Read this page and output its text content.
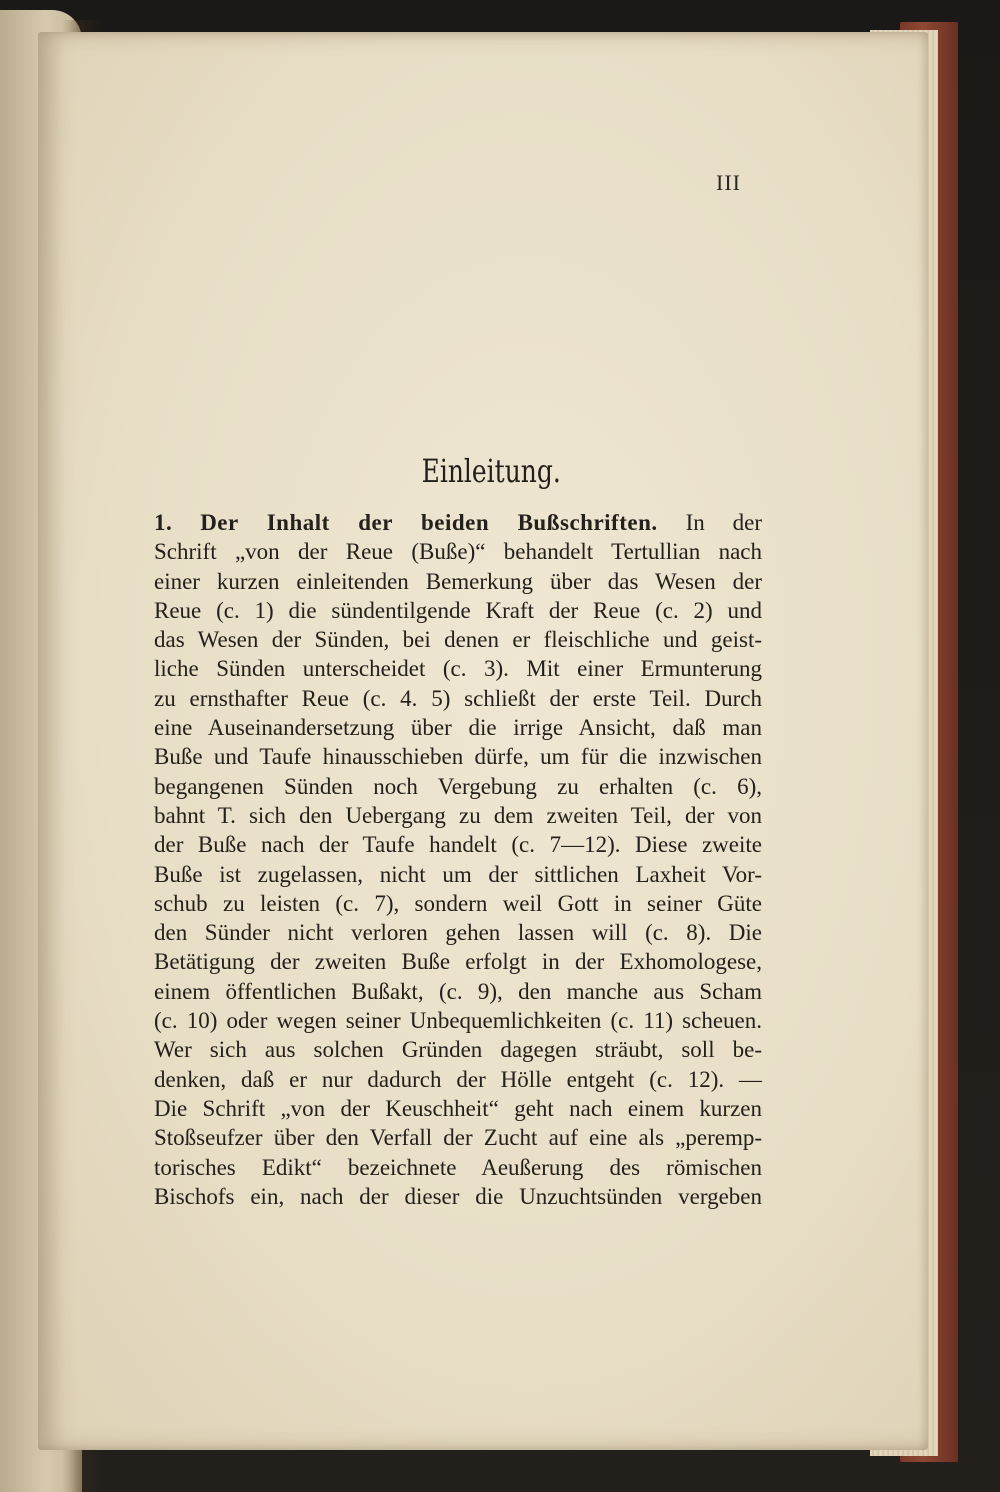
III
Einleitung.
1. Der Inhalt der beiden Bußschriften. In der
Schrift „von der Reue (Buße)“ behandelt Tertullian nach
einer kurzen einleitenden Bemerkung über das Wesen der
Reue (c. 1) die sündentilgende Kraft der Reue (c. 2) und
das Wesen der Sünden, bei denen er fleischliche und geist-
liche Sünden unterscheidet (c. 3). Mit einer Ermunterung
zu ernsthafter Reue (c. 4. 5) schließt der erste Teil. Durch
eine Auseinandersetzung über die irrige Ansicht, daß man
Buße und Taufe hinausschieben dürfe, um für die inzwischen
begangenen Sünden noch Vergebung zu erhalten (c. 6),
bahnt T. sich den Uebergang zu dem zweiten Teil, der von
der Buße nach der Taufe handelt (c. 7—12). Diese zweite
Buße ist zugelassen, nicht um der sittlichen Laxheit Vor-
schub zu leisten (c. 7), sondern weil Gott in seiner Güte
den Sünder nicht verloren gehen lassen will (c. 8). Die
Betätigung der zweiten Buße erfolgt in der Exhomologese,
einem öffentlichen Bußakt, (c. 9), den manche aus Scham
(c. 10) oder wegen seiner Unbequemlichkeiten (c. 11) scheuen.
Wer sich aus solchen Gründen dagegen sträubt, soll be-
denken, daß er nur dadurch der Hölle entgeht (c. 12). —
Die Schrift „von der Keuschheit“ geht nach einem kurzen
Stoßseufzer über den Verfall der Zucht auf eine als „peremp-
torisches Edikt“ bezeichnete Aeußerung des römischen
Bischofs ein, nach der dieser die Unzuchtsünden vergeben
